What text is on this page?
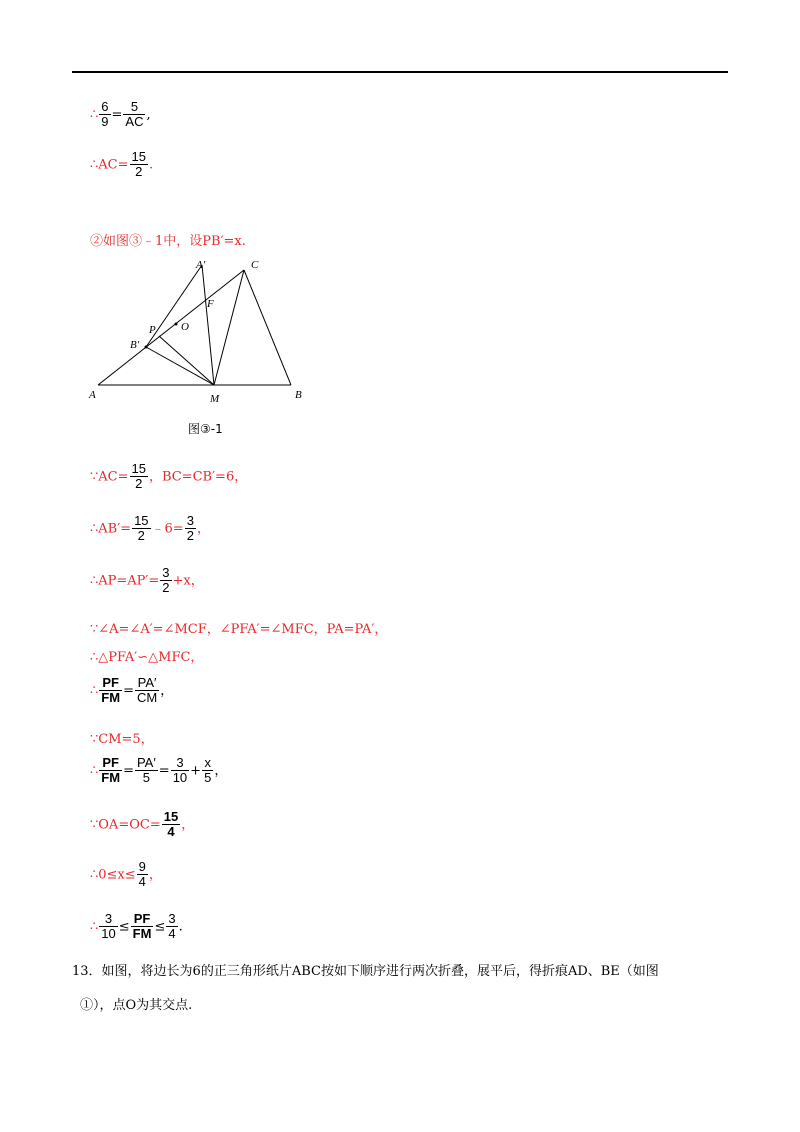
∴ $\frac{6}{9} = \frac{5}{AC}$ ,
∴AC= $\frac{15}{2}$ .
②如图③﹣1中，设PB′=x.
A′	C
F
P O
B′
A	M	B
图③-1
∵AC= $\frac{15}{2}$ ，BC=CB′=6，
∴AB′= $\frac{15}{2}$ ﹣6= $\frac{3}{2}$ ，
∴AP=AP′= $\frac{3}{2} +x$，
∵∠A=∠A′=∠MCF，∠PFA′=∠MFC，PA=PA′，
∴△PFA′∽△MFC，
∴ $\frac{PF}{FM} = \frac{PA'}{CM}$ ，
∵CM=5，
∴ $\frac{PF}{FM} = \frac{PA'}{5} = \frac{3}{10} + \frac{x}{5}$ ，
∵OA=OC= $\frac{15}{4}$ ，
∴0≤x≤ $\frac{9}{4}$ ，
∴ $\frac{3}{10} \le \frac{PF}{FM} \le \frac{3}{4}$ .
13．如图，将边长为6的正三角形纸片ABC按如下顺序进行两次折叠，展平后，得折痕AD、BE（如图
①），点O为其交点.
